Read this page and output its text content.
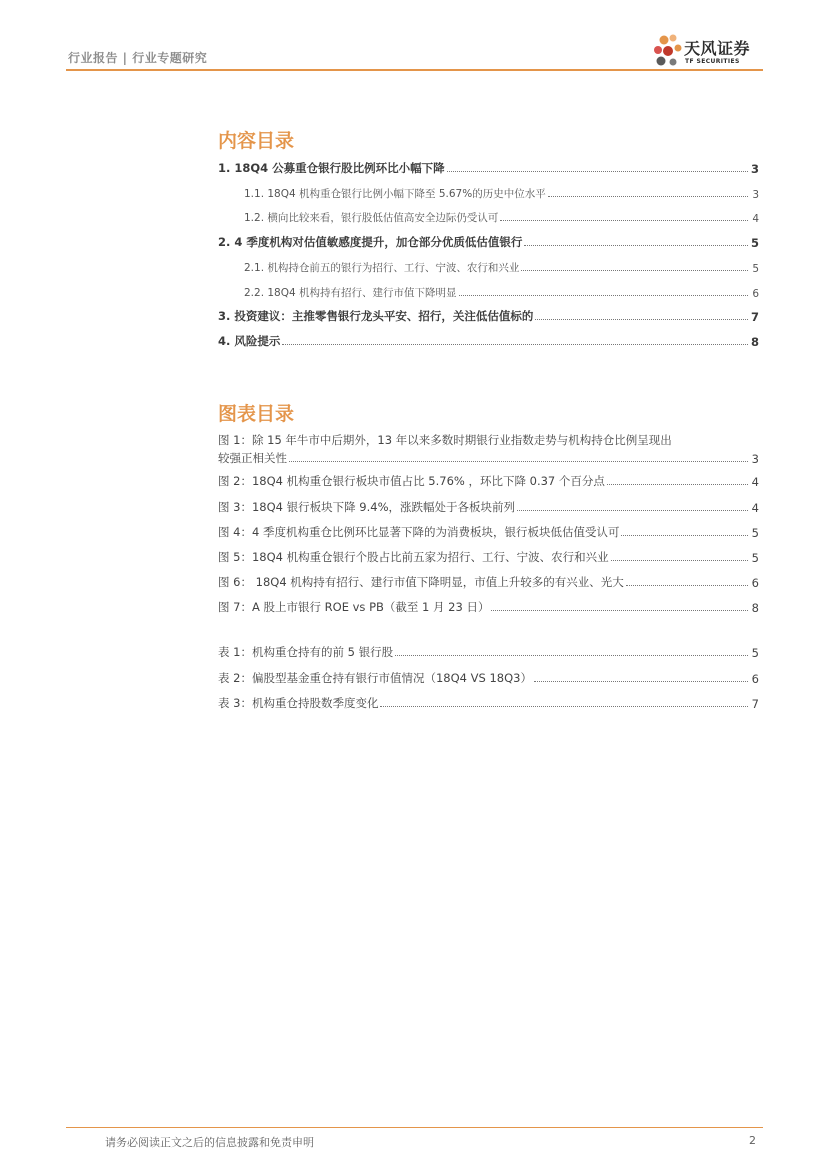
行业报告 | 行业专题研究	天风证券
TF SECURITIES
内容目录
1. 18Q4 公募重仓银行股比例环比小幅下降	3
1.1. 18Q4 机构重仓银行比例小幅下降至 5.67%的历史中位水平	3
1.2. 横向比较来看，银行股低估值高安全边际仍受认可	4
2. 4 季度机构对估值敏感度提升，加仓部分优质低估值银行	5
2.1. 机构持仓前五的银行为招行、工行、宁波、农行和兴业	5
2.2. 18Q4 机构持有招行、建行市值下降明显	6
3. 投资建议：主推零售银行龙头平安、招行，关注低估值标的	7
4. 风险提示	8
图表目录
图 1：除 15 年牛市中后期外，13 年以来多数时期银行业指数走势与机构持仓比例呈现出
较强正相关性	3
图 2：18Q4 机构重仓银行板块市值占比 5.76% ，环比下降 0.37 个百分点	4
图 3：18Q4 银行板块下降 9.4%，涨跌幅处于各板块前列	4
图 4：4 季度机构重仓比例环比显著下降的为消费板块，银行板块低估值受认可	5
图 5：18Q4 机构重仓银行个股占比前五家为招行、工行、宁波、农行和兴业	5
图 6： 18Q4 机构持有招行、建行市值下降明显，市值上升较多的有兴业、光大	6
图 7：A 股上市银行 ROE vs PB（截至 1 月 23 日）	8
表 1：机构重仓持有的前 5 银行股	5
表 2：偏股型基金重仓持有银行市值情况（18Q4 VS 18Q3）	6
表 3：机构重仓持股数季度变化	7
请务必阅读正文之后的信息披露和免责申明	2
